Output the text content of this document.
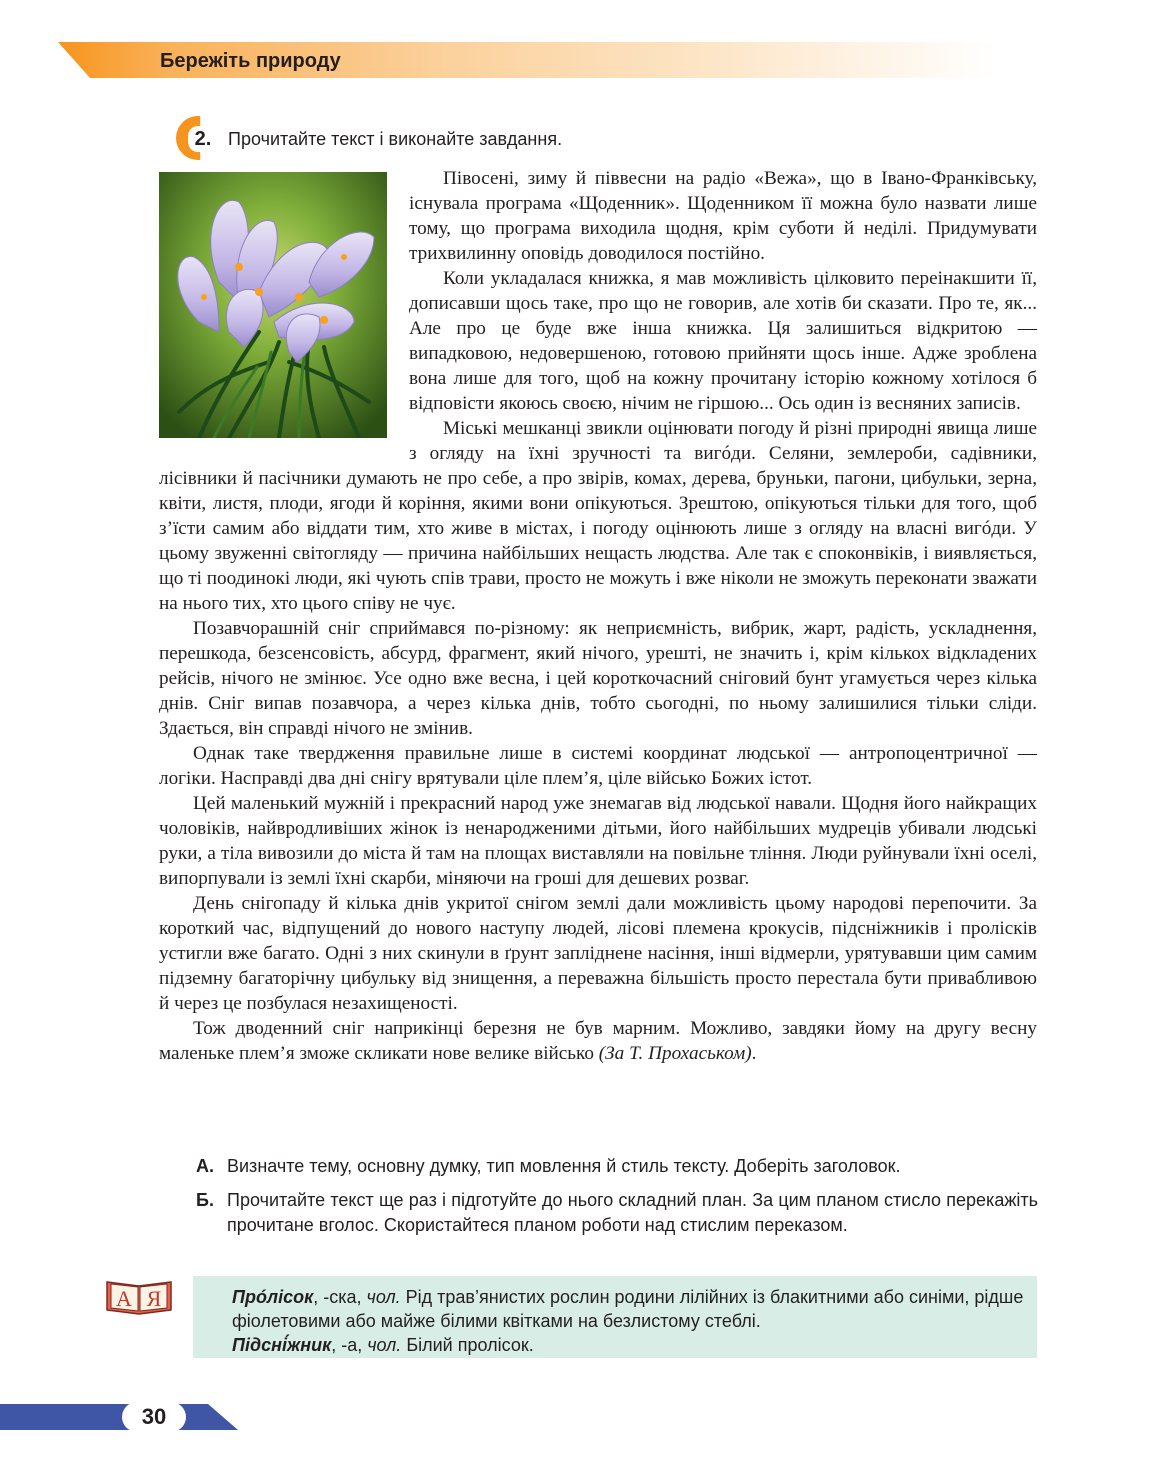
Бережіть природу
2. Прочитайте текст і виконайте завдання.

Півосені, зиму й піввесни на радіо «Вежа», що в Івано-Франківську, існувала програма «Щоденник». Щоденником її можна було назвати лише тому, що програма виходила щодня, крім суботи й неділі. Придумувати трихвилинну оповідь доводилося постійно.

Коли укладалася книжка, я мав можливість цілковито переінакшити її, дописавши щось таке, про що не говорив, але хотів би сказати. Про те, як... Але про це буде вже інша книжка. Ця залишиться відкритою — випадковою, недовершеною, готовою прийняти щось інше. Адже зроблена вона лише для того, щоб на кожну прочитану історію кожному хотілося б відповісти якоюсь своєю, нічим не гіршою... Ось один із весняних записів.

Міські мешканці звикли оцінювати погоду й різні природні явища лише з огляду на їхні зручності та вигóди. Селяни, землероби, садівники, лісівники й пасічники думають не про себе, а про звірів, комах, дерева, бруньки, пагони, цибульки, зерна, квіти, листя, плоди, ягоди й коріння, якими вони опікуються. Зрештою, опікуються тільки для того, щоб з’їсти самим або віддати тим, хто живе в містах, і погоду оцінюють лише з огляду на власні вигóди. У цьому звуженні світогляду — причина найбільших нещасть людства. Але так є споконвіків, і виявляється, що ті поодинокі люди, які чують спів трави, просто не можуть і вже ніколи не зможуть переконати зважати на нього тих, хто цього співу не чує.

Позавчорашній сніг сприймався по-різному: як неприємність, вибрик, жарт, радість, ускладнення, перешкода, безсенсовість, абсурд, фрагмент, який нічого, урешті, не значить і, крім кількох відкладених рейсів, нічого не змінює. Усе одно вже весна, і цей короткочасний сніговий бунт угамується через кілька днів. Сніг випав позавчора, а через кілька днів, тобто сьогодні, по ньому залишилися тільки сліди. Здається, він справді нічого не змінив.

Однак таке твердження правильне лише в системі координат людської — антропоцентричної — логіки. Насправді два дні снігу врятували ціле плем’я, ціле військо Божих істот.

Цей маленький мужній і прекрасний народ уже знемагав від людської навали. Щодня його найкращих чоловіків, найвродливіших жінок із ненародженими дітьми, його найбільших мудреців убивали людські руки, а тіла вивозили до міста й там на площах виставляли на повільне тління. Люди руйнували їхні оселі, випорпували із землі їхні скарби, міняючи на гроші для дешевих розваг.

День снігопаду й кілька днів укритої снігом землі дали можливість цьому народові перепочити. За короткий час, відпущений до нового наступу людей, лісові племена крокусів, підсніжників і пролісків устигли вже багато. Одні з них скинули в ґрунт запліднене насіння, інші відмерли, урятувавши цим самим підземну багаторічну цибульку від знищення, а переважна більшість просто перестала бути привабливою й через це позбулася незахищеності.

Тож дводенний сніг наприкінці березня не був марним. Можливо, завдяки йому на другу весну маленьке плем’я зможе скликати нове велике військо (За Т. Прохаськом).

А. Визначте тему, основну думку, тип мовлення й стиль тексту. Доберіть заголовок.
Б. Прочитайте текст ще раз і підготуйте до нього складний план. За цим планом стисло перекажіть прочитане вголос. Скористайтеся планом роботи над стислим переказом.
А Я	Прóлісок, -ска, чол. Рід трав’янистих рослин родини лілійних із блакитними або синіми, рідше фіолетовими або майже білими квітками на безлистому стеблі.
Підсні́жник, -а, чол. Білий пролісок.
30
